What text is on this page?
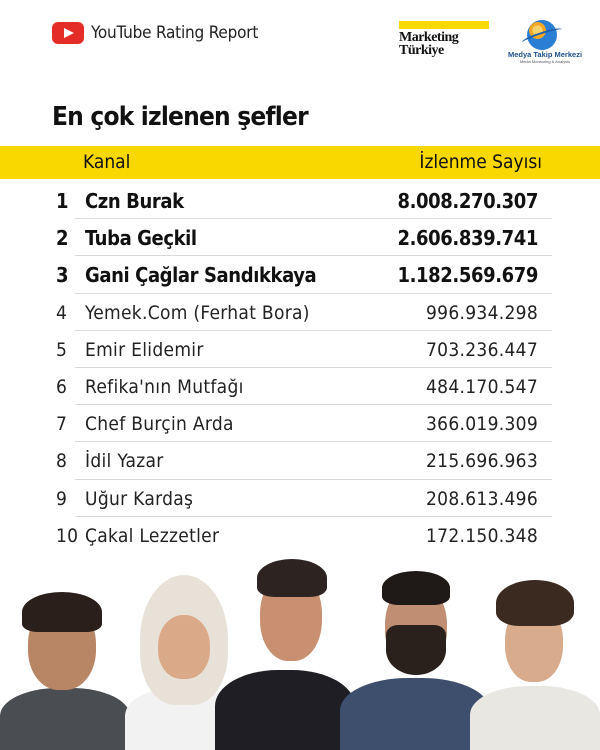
YouTube Rating Report	Marketing
Türkiye	Medya Takip Merkezi
Media Monitoring & Analysis
En çok izlenen şefler
Kanal	İzlenme Sayısı
1 Czn Burak	8.008.270.307
2 Tuba Geçkil	2.606.839.741
3 Gani Çağlar Sandıkkaya	1.182.569.679
4 Yemek.Com (Ferhat Bora)	996.934.298
5 Emir Elidemir	703.236.447
6 Refika'nın Mutfağı	484.170.547
7 Chef Burçin Arda	366.019.309
8 İdil Yazar	215.696.963
9 Uğur Kardaş	208.613.496
10 Çakal Lezzetler	172.150.348
